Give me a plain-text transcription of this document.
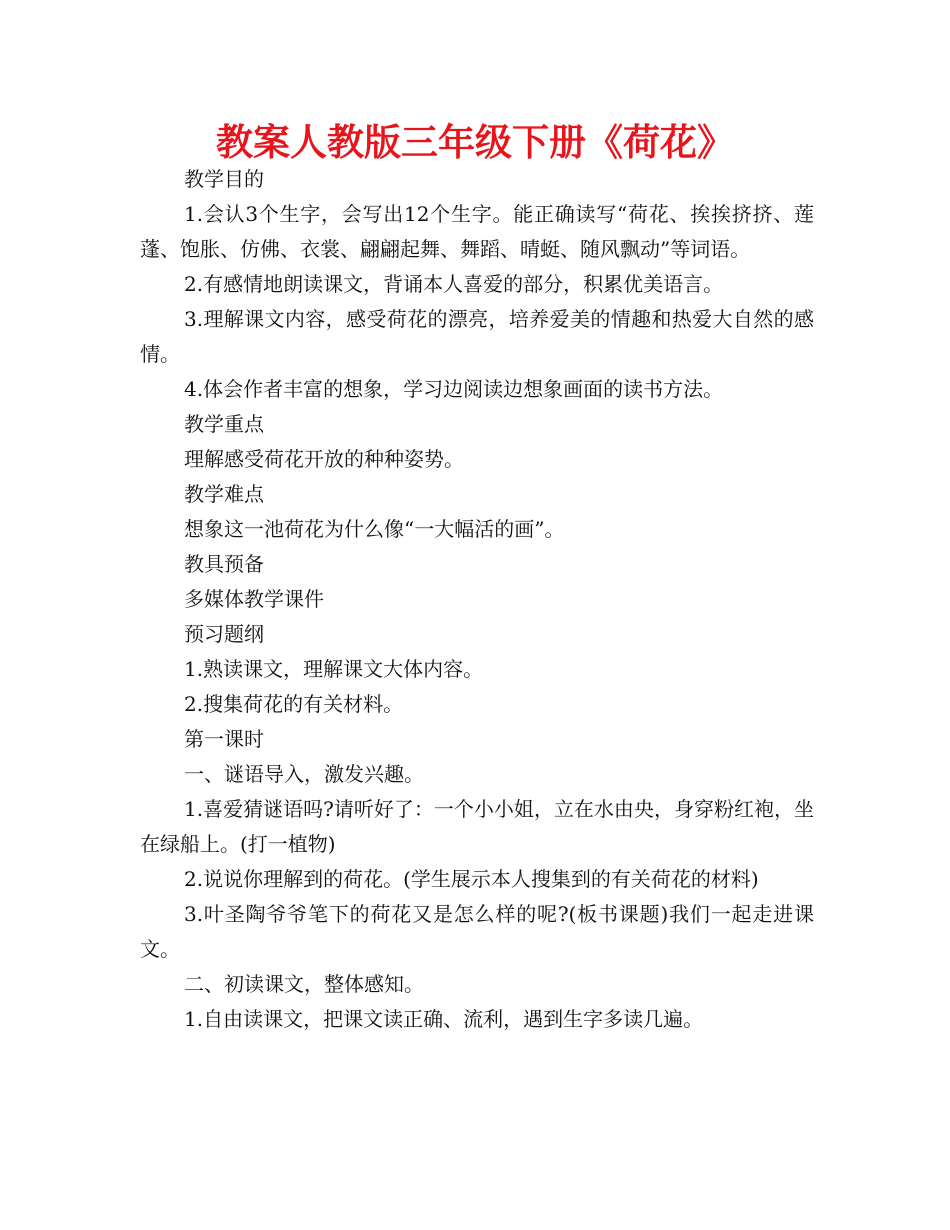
教案人教版三年级下册《荷花》

教学目的

1.会认3个生字，会写出12个生字。能正确读写“荷花、挨挨挤挤、莲蓬、饱胀、仿佛、衣裳、翩翩起舞、舞蹈、晴蜓、随风飘动”等词语。

2.有感情地朗读课文，背诵本人喜爱的部分，积累优美语言。

3.理解课文内容，感受荷花的漂亮，培养爱美的情趣和热爱大自然的感情。

4.体会作者丰富的想象，学习边阅读边想象画面的读书方法。

教学重点

理解感受荷花开放的种种姿势。

教学难点

想象这一池荷花为什么像“一大幅活的画”。

教具预备

多媒体教学课件

预习题纲

1.熟读课文，理解课文大体内容。

2.搜集荷花的有关材料。

第一课时

一、谜语导入，激发兴趣。

1.喜爱猜谜语吗?请听好了：一个小小姐，立在水由央，身穿粉红袍，坐在绿船上。(打一植物)

2.说说你理解到的荷花。(学生展示本人搜集到的有关荷花的材料)

3.叶圣陶爷爷笔下的荷花又是怎么样的呢?(板书课题)我们一起走进课文。

二、初读课文，整体感知。

1.自由读课文，把课文读正确、流利，遇到生字多读几遍。
